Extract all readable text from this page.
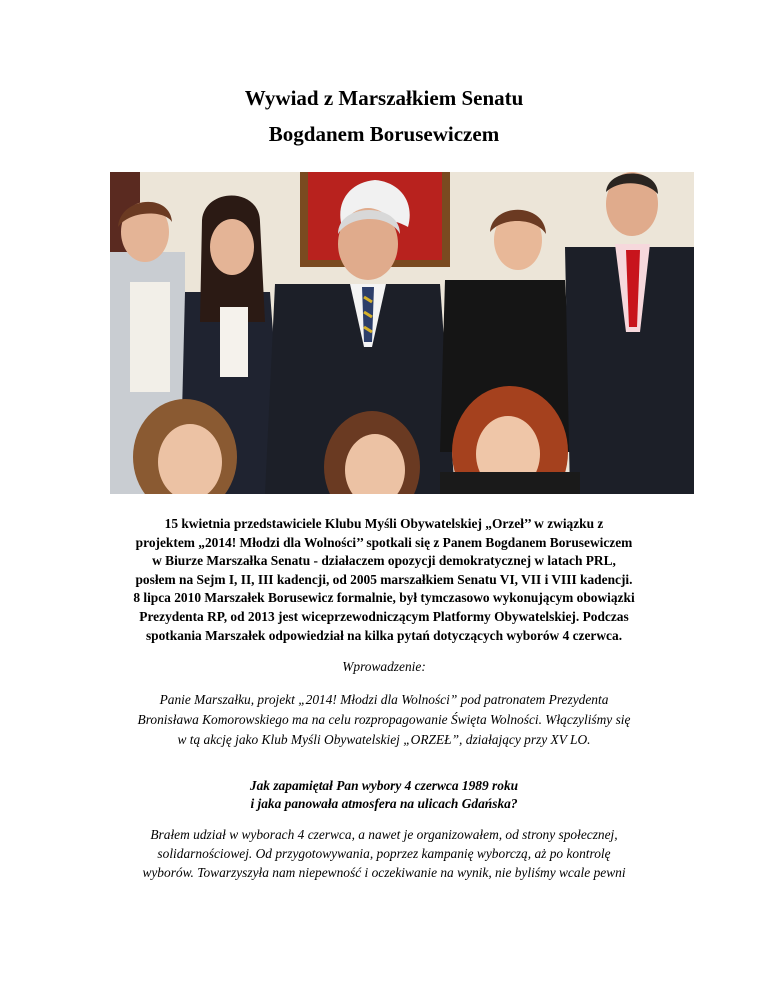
Wywiad z Marszałkiem Senatu
Bogdanem Borusewiczem
15 kwietnia przedstawiciele Klubu Myśli Obywatelskiej „Orzeł’’ w związku z
projektem „2014! Młodzi dla Wolności’’ spotkali się z Panem Bogdanem Borusewiczem
w Biurze Marszałka Senatu - działaczem opozycji demokratycznej w latach PRL,
posłem na Sejm I, II, III kadencji, od 2005 marszałkiem Senatu VI, VII i VIII kadencji.
8 lipca 2010 Marszałek Borusewicz formalnie, był tymczasowo wykonującym obowiązki
Prezydenta RP, od 2013 jest wiceprzewodniczącym Platformy Obywatelskiej. Podczas
spotkania Marszałek odpowiedział na kilka pytań dotyczących wyborów 4 czerwca.
Wprowadzenie:
Panie Marszałku, projekt „2014! Młodzi dla Wolności” pod patronatem Prezydenta
Bronisława Komorowskiego ma na celu rozpropagowanie Święta Wolności. Włączyliśmy się
w tą akcję jako Klub Myśli Obywatelskiej „ORZEŁ”, działający przy XV LO.
Jak zapamiętał Pan wybory 4 czerwca 1989 roku
i jaka panowała atmosfera na ulicach Gdańska?
Brałem udział w wyborach 4 czerwca, a nawet je organizowałem, od strony społecznej,
solidarnościowej. Od przygotowywania, poprzez kampanię wyborczą, aż po kontrolę
wyborów. Towarzyszyła nam niepewność i oczekiwanie na wynik, nie byliśmy wcale pewni
